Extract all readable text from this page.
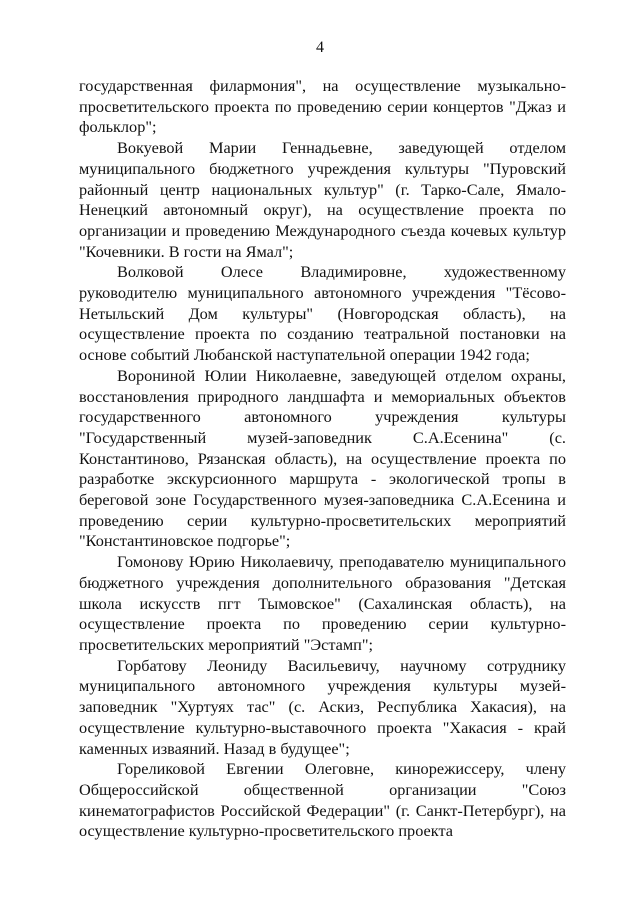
4

государственная филармония", на осуществление музыкально-просветительского проекта по проведению серии концертов "Джаз и фольклор";

Вокуевой Марии Геннадьевне, заведующей отделом муниципального бюджетного учреждения культуры "Пуровский районный центр национальных культур" (г. Тарко-Сале, Ямало-Ненецкий автономный округ), на осуществление проекта по организации и проведению Международного съезда кочевых культур "Кочевники. В гости на Ямал";

Волковой Олесе Владимировне, художественному руководителю муниципального автономного учреждения "Тёсово-Нетыльский Дом культуры" (Новгородская область), на осуществление проекта по созданию театральной постановки на основе событий Любанской наступательной операции 1942 года;

Ворониной Юлии Николаевне, заведующей отделом охраны, восстановления природного ландшафта и мемориальных объектов государственного автономного учреждения культуры "Государственный музей-заповедник С.А.Есенина" (с. Константиново, Рязанская область), на осуществление проекта по разработке экскурсионного маршрута - экологической тропы в береговой зоне Государственного музея-заповедника С.А.Есенина и проведению серии культурно-просветительских мероприятий "Константиновское подгорье";

Гомонову Юрию Николаевичу, преподавателю муниципального бюджетного учреждения дополнительного образования "Детская школа искусств пгт Тымовское" (Сахалинская область), на осуществление проекта по проведению серии культурно-просветительских мероприятий "Эстамп";

Горбатову Леониду Васильевичу, научному сотруднику муниципального автономного учреждения культуры музей-заповедник "Хуртуях тас" (с. Аскиз, Республика Хакасия), на осуществление культурно-выставочного проекта "Хакасия - край каменных изваяний. Назад в будущее";

Гореликовой Евгении Олеговне, кинорежиссеру, члену Общероссийской общественной организации "Союз кинематографистов Российской Федерации" (г. Санкт-Петербург), на осуществление культурно-просветительского проекта
